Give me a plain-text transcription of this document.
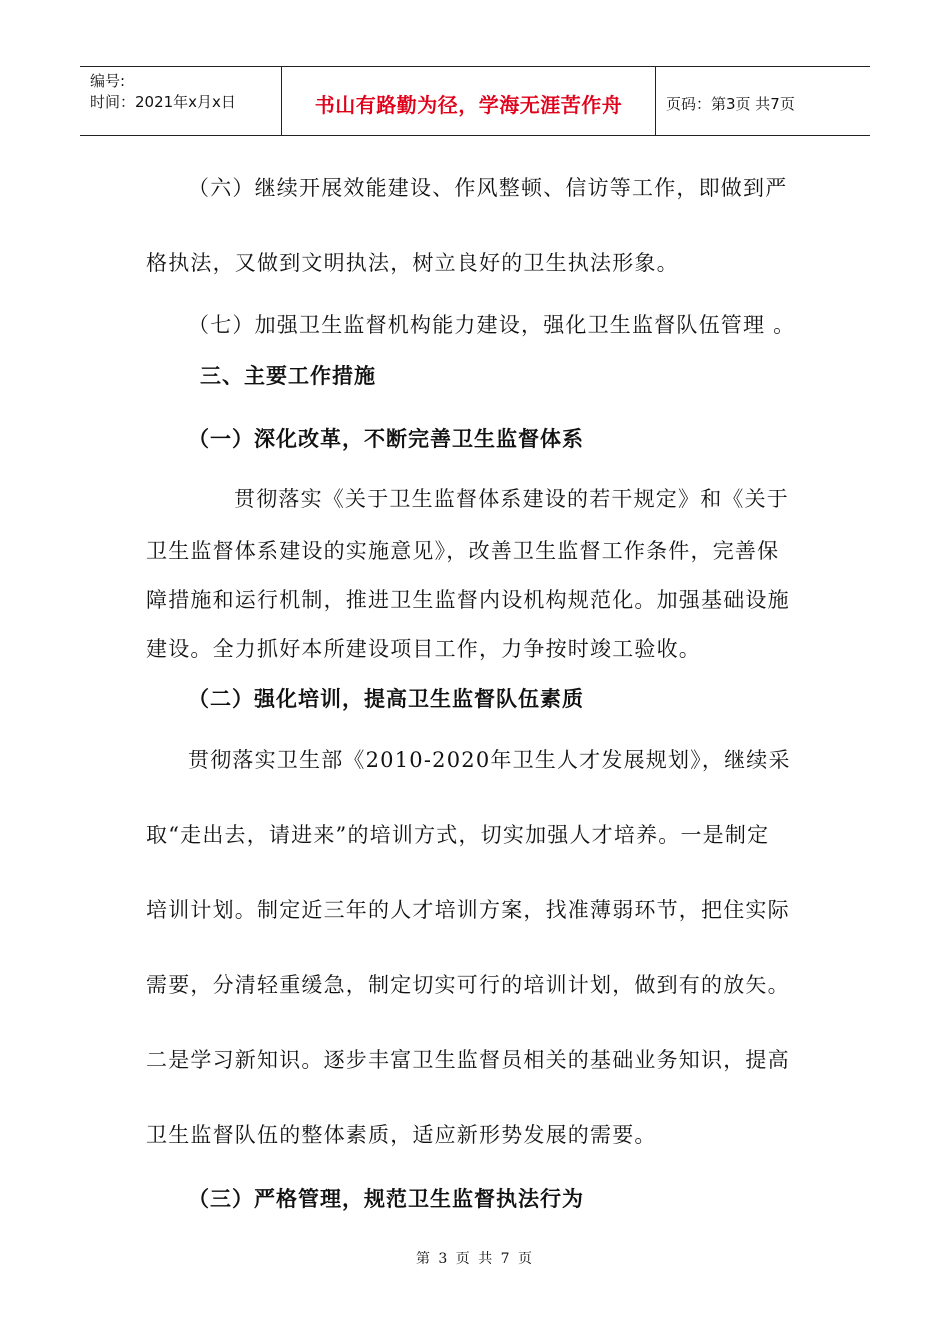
编号:
时间：2021年x月x日	书山有路勤为径，学海无涯苦作舟	页码：第3页 共7页
（六）继续开展效能建设、作风整顿、信访等工作，即做到严
格执法，又做到文明执法，树立良好的卫生执法形象。
（七）加强卫生监督机构能力建设，强化卫生监督队伍管理 。
三、主要工作措施
（一）深化改革，不断完善卫生监督体系
贯彻落实《关于卫生监督体系建设的若干规定》和《关于
卫生监督体系建设的实施意见》，改善卫生监督工作条件，完善保
障措施和运行机制，推进卫生监督内设机构规范化。加强基础设施
建设。全力抓好本所建设项目工作，力争按时竣工验收。
（二）强化培训，提高卫生监督队伍素质
贯彻落实卫生部《2010-2020年卫生人才发展规划》，继续采
取“走出去，请进来”的培训方式，切实加强人才培养。一是制定
培训计划。制定近三年的人才培训方案，找准薄弱环节，把住实际
需要，分清轻重缓急，制定切实可行的培训计划，做到有的放矢。
二是学习新知识。逐步丰富卫生监督员相关的基础业务知识，提高
卫生监督队伍的整体素质，适应新形势发展的需要。
（三）严格管理，规范卫生监督执法行为
第 3 页 共 7 页
